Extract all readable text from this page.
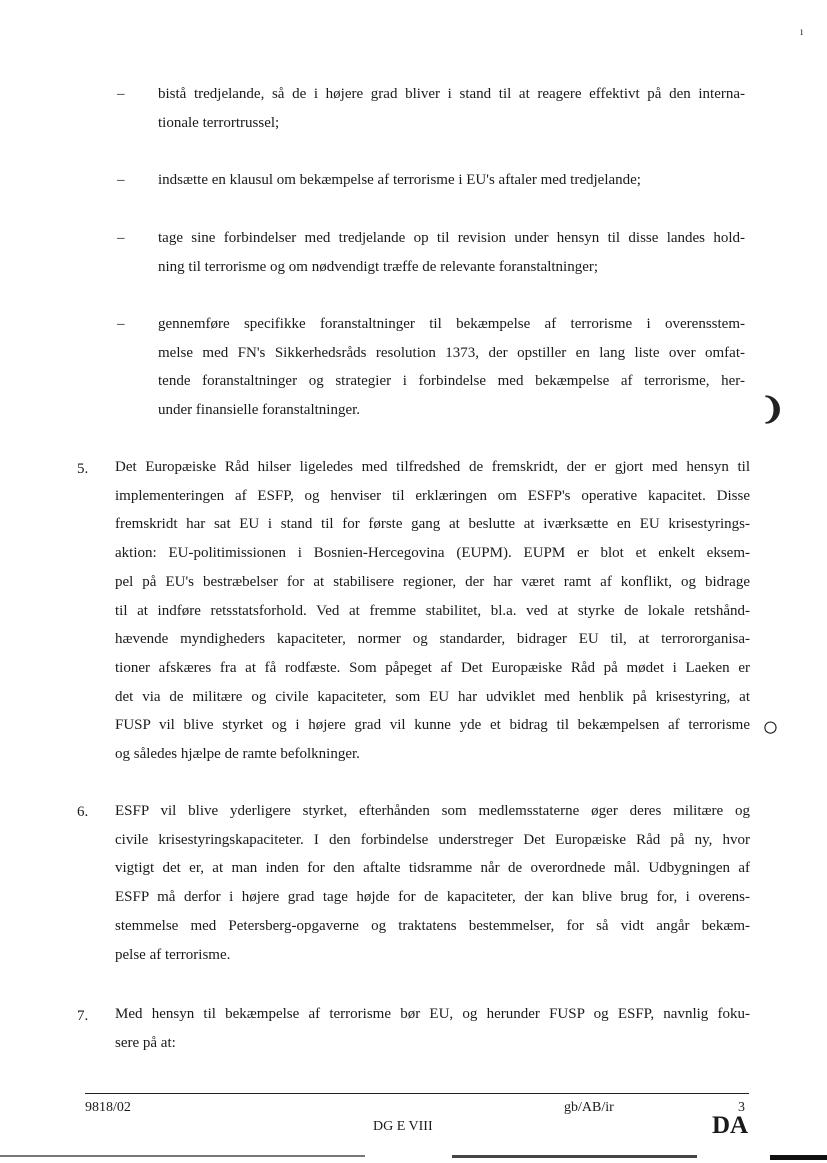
– bistå tredjelande, så de i højere grad bliver i stand til at reagere effektivt på den interna-
tionale terrortrussel;
– indsætte en klausul om bekæmpelse af terrorisme i EU's aftaler med tredjelande;
– tage sine forbindelser med tredjelande op til revision under hensyn til disse landes hold-
ning til terrorisme og om nødvendigt træffe de relevante foranstaltninger;
– gennemføre specifikke foranstaltninger til bekæmpelse af terrorisme i overensstem-
melse med FN's Sikkerhedsråds resolution 1373, der opstiller en lang liste over omfat-
tende foranstaltninger og strategier i forbindelse med bekæmpelse af terrorisme, her-
under finansielle foranstaltninger.
5. Det Europæiske Råd hilser ligeledes med tilfredshed de fremskridt, der er gjort med hensyn til
implementeringen af ESFP, og henviser til erklæringen om ESFP's operative kapacitet. Disse
fremskridt har sat EU i stand til for første gang at beslutte at iværksætte en EU krisestyrings-
aktion: EU-politimissionen i Bosnien-Hercegovina (EUPM). EUPM er blot et enkelt eksem-
pel på EU's bestræbelser for at stabilisere regioner, der har været ramt af konflikt, og bidrage
til at indføre retsstatsforhold. Ved at fremme stabilitet, bl.a. ved at styrke de lokale retshånd-
hævende myndigheders kapaciteter, normer og standarder, bidrager EU til, at terrororganisa-
tioner afskæres fra at få rodfæste. Som påpeget af Det Europæiske Råd på mødet i Laeken er
det via de militære og civile kapaciteter, som EU har udviklet med henblik på krisestyring, at
FUSP vil blive styrket og i højere grad vil kunne yde et bidrag til bekæmpelsen af terrorisme
og således hjælpe de ramte befolkninger.
6. ESFP vil blive yderligere styrket, efterhånden som medlemsstaterne øger deres militære og
civile krisestyringskapaciteter. I den forbindelse understreger Det Europæiske Råd på ny, hvor
vigtigt det er, at man inden for den aftalte tidsramme når de overordnede mål. Udbygningen af
ESFP må derfor i højere grad tage højde for de kapaciteter, der kan blive brug for, i overens-
stemmelse med Petersberg-opgaverne og traktatens bestemmelser, for så vidt angår bekæm-
pelse af terrorisme.
7. Med hensyn til bekæmpelse af terrorisme bør EU, og herunder FUSP og ESFP, navnlig foku-
sere på at:
9818/02	gb/AB/ir	3
DG E VIII	DA
❩
○
ı
